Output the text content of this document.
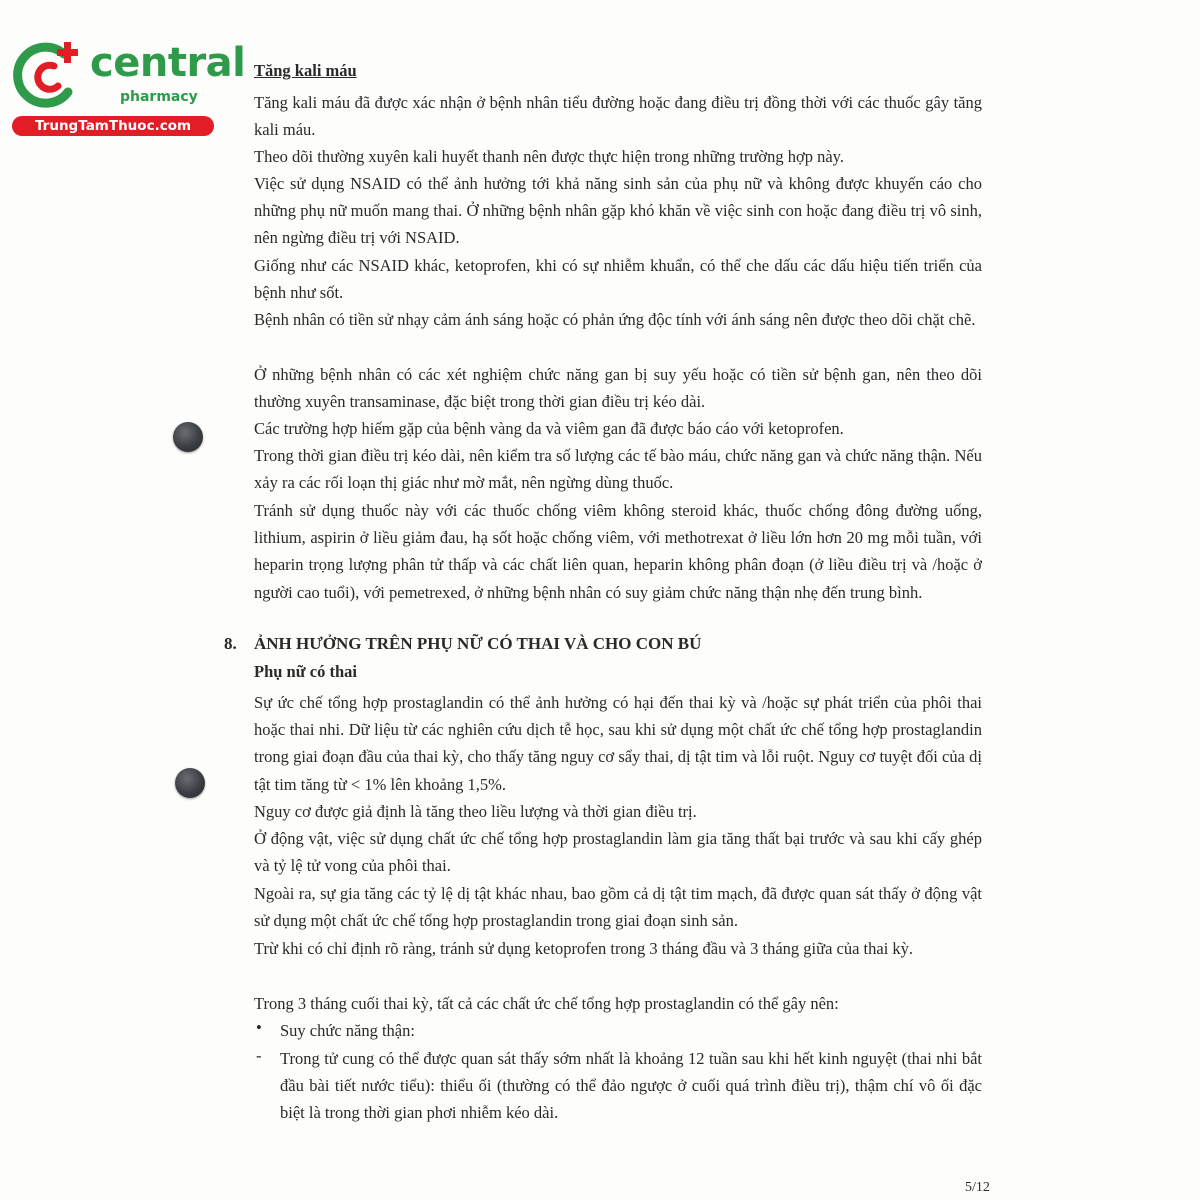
central
pharmacy
TrungTamThuoc.com

Tăng kali máu

Tăng kali máu đã được xác nhận ở bệnh nhân tiểu đường hoặc đang điều trị đồng thời với các thuốc gây tăng kali máu.

Theo dõi thường xuyên kali huyết thanh nên được thực hiện trong những trường hợp này.

Việc sử dụng NSAID có thể ảnh hưởng tới khả năng sinh sản của phụ nữ và không được khuyến cáo cho những phụ nữ muốn mang thai. Ở những bệnh nhân gặp khó khăn về việc sinh con hoặc đang điều trị vô sinh, nên ngừng điều trị với NSAID.

Giống như các NSAID khác, ketoprofen, khi có sự nhiễm khuẩn, có thể che dấu các dấu hiệu tiến triển của bệnh như sốt.

Bệnh nhân có tiền sử nhạy cảm ánh sáng hoặc có phản ứng độc tính với ánh sáng nên được theo dõi chặt chẽ.

Ở những bệnh nhân có các xét nghiệm chức năng gan bị suy yếu hoặc có tiền sử bệnh gan, nên theo dõi thường xuyên transaminase, đặc biệt trong thời gian điều trị kéo dài.

Các trường hợp hiếm gặp của bệnh vàng da và viêm gan đã được báo cáo với ketoprofen.

Trong thời gian điều trị kéo dài, nên kiểm tra số lượng các tế bào máu, chức năng gan và chức năng thận. Nếu xảy ra các rối loạn thị giác như mờ mắt, nên ngừng dùng thuốc.

Tránh sử dụng thuốc này với các thuốc chống viêm không steroid khác, thuốc chống đông đường uống, lithium, aspirin ở liều giảm đau, hạ sốt hoặc chống viêm, với methotrexat ở liều lớn hơn 20 mg mỗi tuần, với heparin trọng lượng phân tử thấp và các chất liên quan, heparin không phân đoạn (ở liều điều trị và /hoặc ở người cao tuổi), với pemetrexed, ở những bệnh nhân có suy giảm chức năng thận nhẹ đến trung bình.

8. ẢNH HƯỞNG TRÊN PHỤ NỮ CÓ THAI VÀ CHO CON BÚ
Phụ nữ có thai

Sự ức chế tổng hợp prostaglandin có thể ảnh hưởng có hại đến thai kỳ và /hoặc sự phát triển của phôi thai hoặc thai nhi. Dữ liệu từ các nghiên cứu dịch tễ học, sau khi sử dụng một chất ức chế tổng hợp prostaglandin trong giai đoạn đầu của thai kỳ, cho thấy tăng nguy cơ sẩy thai, dị tật tim và lỗi ruột. Nguy cơ tuyệt đối của dị tật tim tăng từ < 1% lên khoảng 1,5%.

Nguy cơ được giả định là tăng theo liều lượng và thời gian điều trị.

Ở động vật, việc sử dụng chất ức chế tổng hợp prostaglandin làm gia tăng thất bại trước và sau khi cấy ghép và tỷ lệ tử vong của phôi thai.

Ngoài ra, sự gia tăng các tỷ lệ dị tật khác nhau, bao gồm cả dị tật tim mạch, đã được quan sát thấy ở động vật sử dụng một chất ức chế tổng hợp prostaglandin trong giai đoạn sinh sản.

Trừ khi có chỉ định rõ ràng, tránh sử dụng ketoprofen trong 3 tháng đầu và 3 tháng giữa của thai kỳ.

Trong 3 tháng cuối thai kỳ, tất cả các chất ức chế tổng hợp prostaglandin có thể gây nên:

• Suy chức năng thận:

- Trong tử cung có thể được quan sát thấy sớm nhất là khoảng 12 tuần sau khi hết kinh nguyệt (thai nhi bắt đầu bài tiết nước tiểu): thiểu ối (thường có thể đảo ngược ở cuối quá trình điều trị), thậm chí vô ối đặc biệt là trong thời gian phơi nhiễm kéo dài.

5/12
